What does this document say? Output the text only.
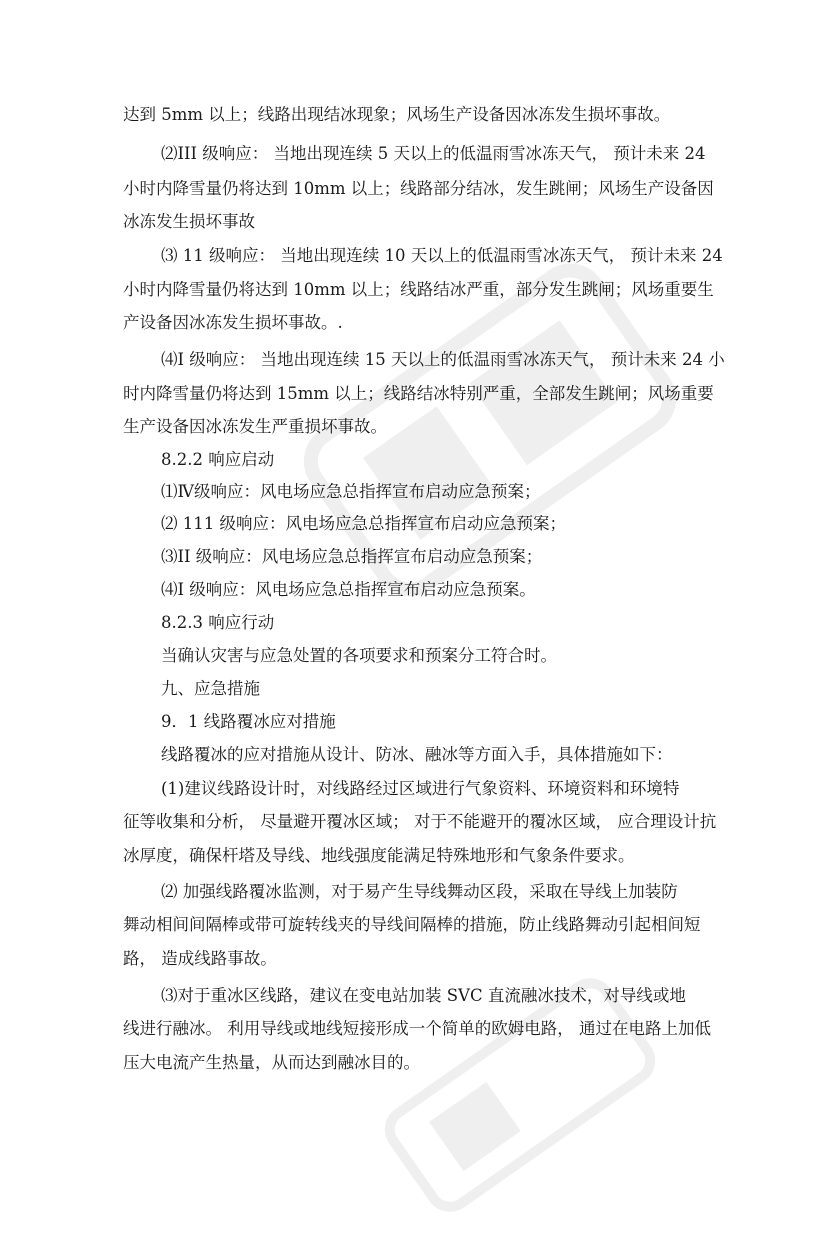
达到 5mm 以上；线路出现结冰现象；风场生产设备因冰冻发生损坏事故。
⑵III 级响应： 当地出现连续 5 天以上的低温雨雪冰冻天气， 预计未来 24
小时内降雪量仍将达到 10mm 以上；线路部分结冰，发生跳闸；风场生产设备因
冰冻发生损坏事故
⑶ 11 级响应： 当地出现连续 10 天以上的低温雨雪冰冻天气， 预计未来 24
小时内降雪量仍将达到 10mm 以上；线路结冰严重，部分发生跳闸；风场重要生
产设备因冰冻发生损坏事故。.
⑷I 级响应： 当地出现连续 15 天以上的低温雨雪冰冻天气， 预计未来 24 小
时内降雪量仍将达到 15mm 以上；线路结冰特别严重，全部发生跳闸；风场重要
生产设备因冰冻发生严重损坏事故。
8.2.2 响应启动
⑴Ⅳ级响应：风电场应急总指挥宣布启动应急预案；
⑵ 111 级响应：风电场应急总指挥宣布启动应急预案；
⑶II 级响应：风电场应急总指挥宣布启动应急预案；
⑷I 级响应：风电场应急总指挥宣布启动应急预案。
8.2.3 响应行动
当确认灾害与应急处置的各项要求和预案分工符合时。
九、应急措施
9．1 线路覆冰应对措施
线路覆冰的应对措施从设计、防冰、融冰等方面入手，具体措施如下：
(1)建议线路设计时，对线路经过区域进行气象资料、环境资料和环境特
征等收集和分析， 尽量避开覆冰区域； 对于不能避开的覆冰区域， 应合理设计抗
冰厚度，确保杆塔及导线、地线强度能满足特殊地形和气象条件要求。
⑵ 加强线路覆冰监测，对于易产生导线舞动区段，采取在导线上加装防
舞动相间间隔棒或带可旋转线夹的导线间隔棒的措施，防止线路舞动引起相间短
路， 造成线路事故。
⑶对于重冰区线路，建议在变电站加装 SVC 直流融冰技术，对导线或地
线进行融冰。 利用导线或地线短接形成一个简单的欧姆电路， 通过在电路上加低
压大电流产生热量，从而达到融冰目的。
